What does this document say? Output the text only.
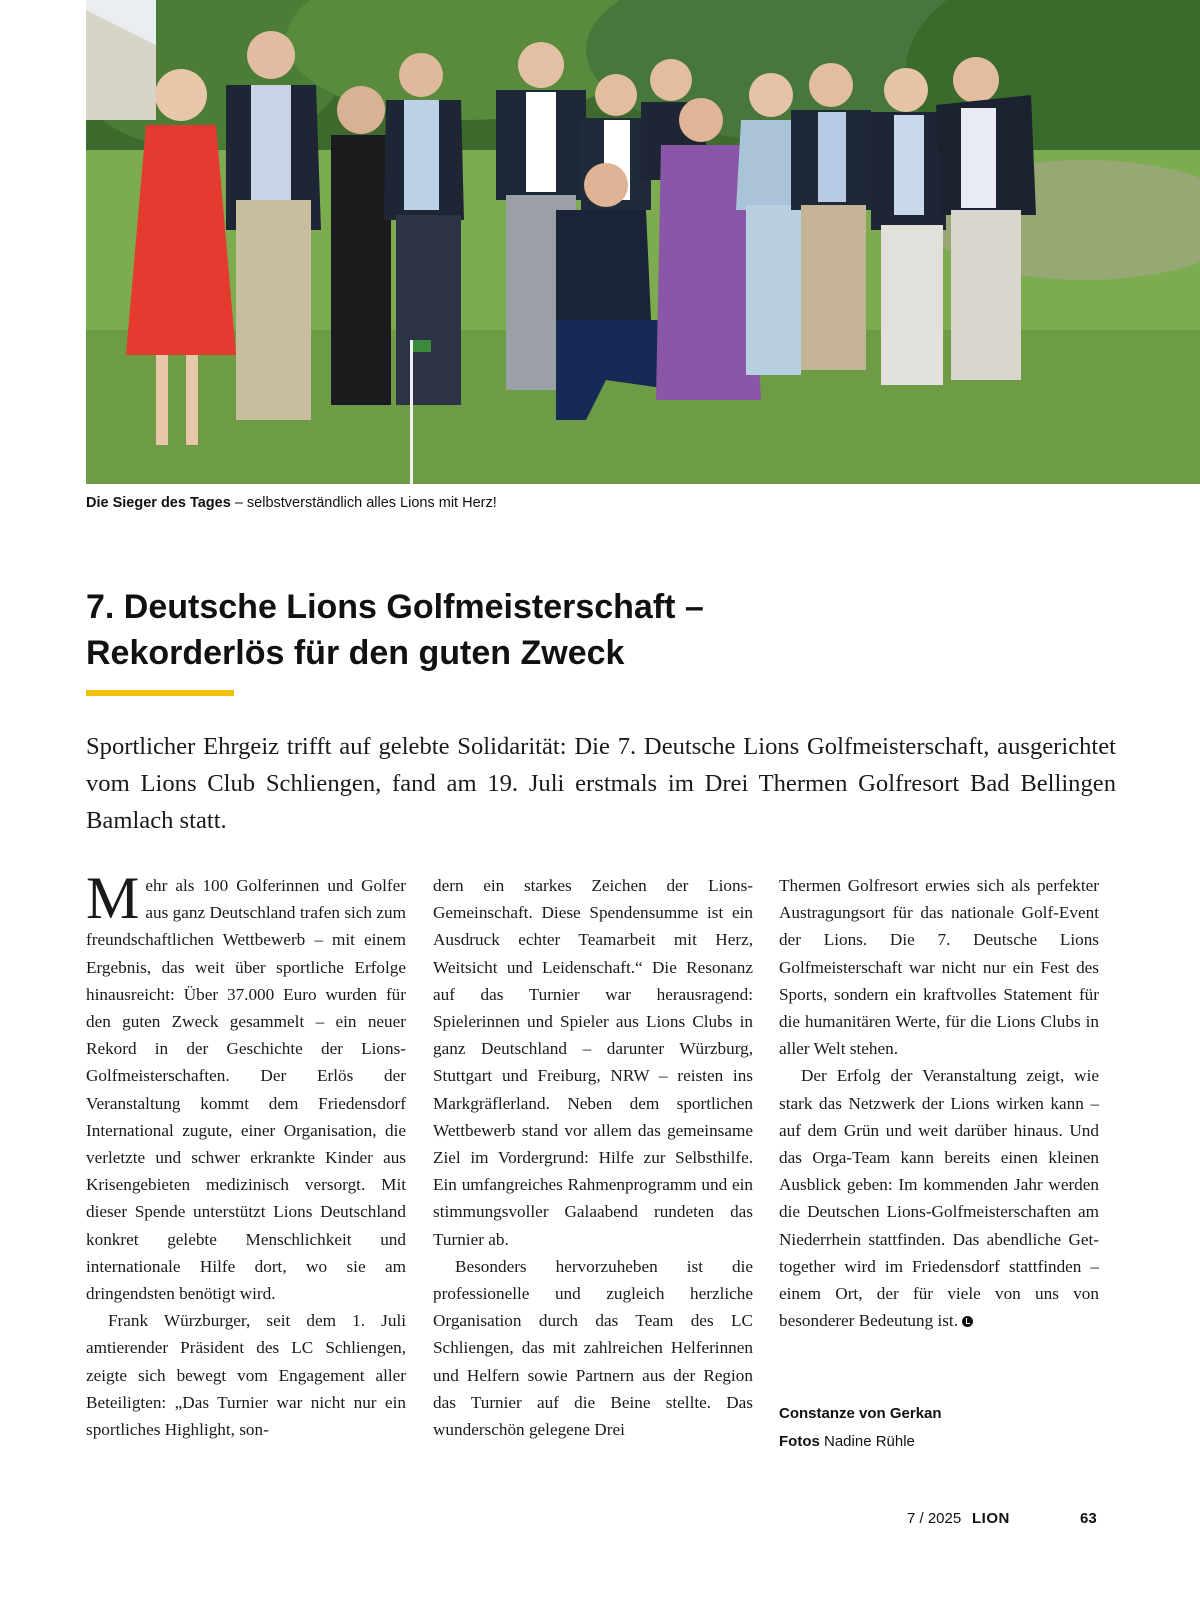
Die Sieger des Tages – selbstverständlich alles Lions mit Herz!
7. Deutsche Lions Golfmeisterschaft –
Rekorderlös für den guten Zweck

Sportlicher Ehrgeiz trifft auf gelebte Solidarität: Die 7. Deutsche Lions Golfmeisterschaft, ausgerichtet vom Lions Club Schliengen, fand am 19. Juli erstmals im Drei Thermen Golfresort Bad Bellingen Bamlach statt.

Mehr als 100 Golferinnen und Golfer aus ganz Deutschland trafen sich zum freundschaftlichen Wettbewerb – mit einem Ergebnis, das weit über sportliche Erfolge hinausreicht: Über 37.000 Euro wurden für den guten Zweck gesammelt – ein neuer Rekord in der Geschichte der Lions-Golfmeisterschaften. Der Erlös der Veranstaltung kommt dem Friedensdorf International zugute, einer Organisation, die verletzte und schwer erkrankte Kinder aus Krisengebieten medizinisch versorgt. Mit dieser Spende unterstützt Lions Deutschland konkret gelebte Menschlichkeit und internationale Hilfe dort, wo sie am dringendsten benötigt wird.

Frank Würzburger, seit dem 1. Juli amtierender Präsident des LC Schliengen, zeigte sich bewegt vom Engagement aller Beteiligten: „Das Turnier war nicht nur ein sportliches Highlight, son-

dern ein starkes Zeichen der Lions-Gemeinschaft. Diese Spendensumme ist ein Ausdruck echter Teamarbeit mit Herz, Weitsicht und Leidenschaft.“ Die Resonanz auf das Turnier war herausragend: Spielerinnen und Spieler aus Lions Clubs in ganz Deutschland – darunter Würzburg, Stuttgart und Freiburg, NRW – reisten ins Markgräflerland. Neben dem sportlichen Wettbewerb stand vor allem das gemeinsame Ziel im Vordergrund: Hilfe zur Selbsthilfe. Ein umfangreiches Rahmenprogramm und ein stimmungsvoller Galaabend rundeten das Turnier ab.

Besonders hervorzuheben ist die professionelle und zugleich herzliche Organisation durch das Team des LC Schliengen, das mit zahlreichen Helferinnen und Helfern sowie Partnern aus der Region das Turnier auf die Beine stellte. Das wunderschön gelegene Drei

Thermen Golfresort erwies sich als perfekter Austragungsort für das nationale Golf-Event der Lions. Die 7. Deutsche Lions Golfmeisterschaft war nicht nur ein Fest des Sports, sondern ein kraftvolles Statement für die humanitären Werte, für die Lions Clubs in aller Welt stehen.

Der Erfolg der Veranstaltung zeigt, wie stark das Netzwerk der Lions wirken kann – auf dem Grün und weit darüber hinaus. Und das Orga-Team kann bereits einen kleinen Ausblick geben: Im kommenden Jahr werden die Deutschen Lions-Golfmeisterschaften am Niederrhein stattfinden. Das abendliche Get-together wird im Friedensdorf stattfinden – einem Ort, der für viele von uns von besonderer Bedeutung ist.

Constanze von Gerkan
Fotos Nadine Rühle
7 / 2025 LION	63
